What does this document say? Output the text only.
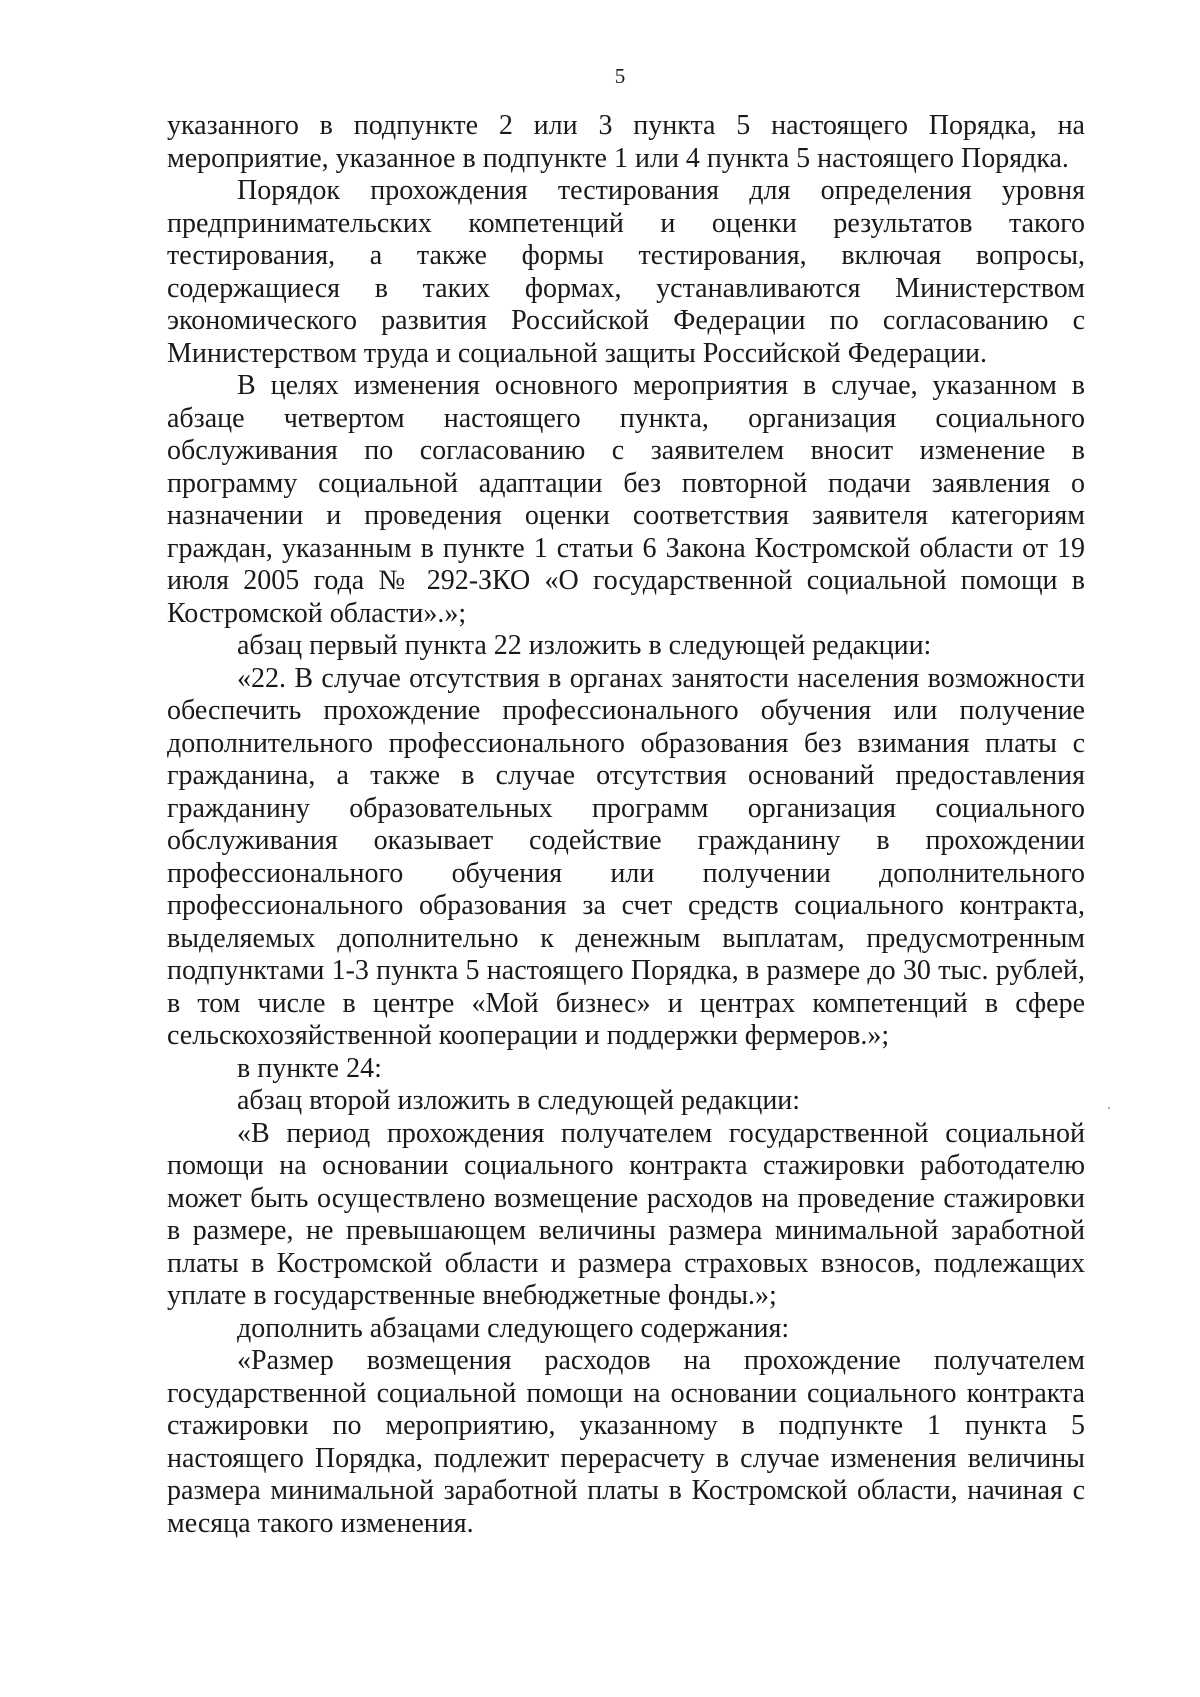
5

указанного в подпункте 2 или 3 пункта 5 настоящего Порядка, на мероприятие, указанное в подпункте 1 или 4 пункта 5 настоящего Порядка.

Порядок прохождения тестирования для определения уровня предпринимательских компетенций и оценки результатов такого тестирования, а также формы тестирования, включая вопросы, содержащиеся в таких формах, устанавливаются Министерством экономического развития Российской Федерации по согласованию с Министерством труда и социальной защиты Российской Федерации.

В целях изменения основного мероприятия в случае, указанном в абзаце четвертом настоящего пункта, организация социального обслуживания по согласованию с заявителем вносит изменение в программу социальной адаптации без повторной подачи заявления о назначении и проведения оценки соответствия заявителя категориям граждан, указанным в пункте 1 статьи 6 Закона Костромской области от 19 июля 2005 года № 292-ЗКО «О государственной социальной помощи в Костромской области».»;

абзац первый пункта 22 изложить в следующей редакции:

«22. В случае отсутствия в органах занятости населения возможности обеспечить прохождение профессионального обучения или получение дополнительного профессионального образования без взимания платы с гражданина, а также в случае отсутствия оснований предоставления гражданину образовательных программ организация социального обслуживания оказывает содействие гражданину в прохождении профессионального обучения или получении дополнительного профессионального образования за счет средств социального контракта, выделяемых дополнительно к денежным выплатам, предусмотренным подпунктами 1-3 пункта 5 настоящего Порядка, в размере до 30 тыс. рублей, в том числе в центре «Мой бизнес» и центрах компетенций в сфере сельскохозяйственной кооперации и поддержки фермеров.»;

в пункте 24:

абзац второй изложить в следующей редакции:

«В период прохождения получателем государственной социальной помощи на основании социального контракта стажировки работодателю может быть осуществлено возмещение расходов на проведение стажировки в размере, не превышающем величины размера минимальной заработной платы в Костромской области и размера страховых взносов, подлежащих уплате в государственные внебюджетные фонды.»;

дополнить абзацами следующего содержания:

«Размер возмещения расходов на прохождение получателем государственной социальной помощи на основании социального контракта стажировки по мероприятию, указанному в подпункте 1 пункта 5 настоящего Порядка, подлежит перерасчету в случае изменения величины размера минимальной заработной платы в Костромской области, начиная с месяца такого изменения.
